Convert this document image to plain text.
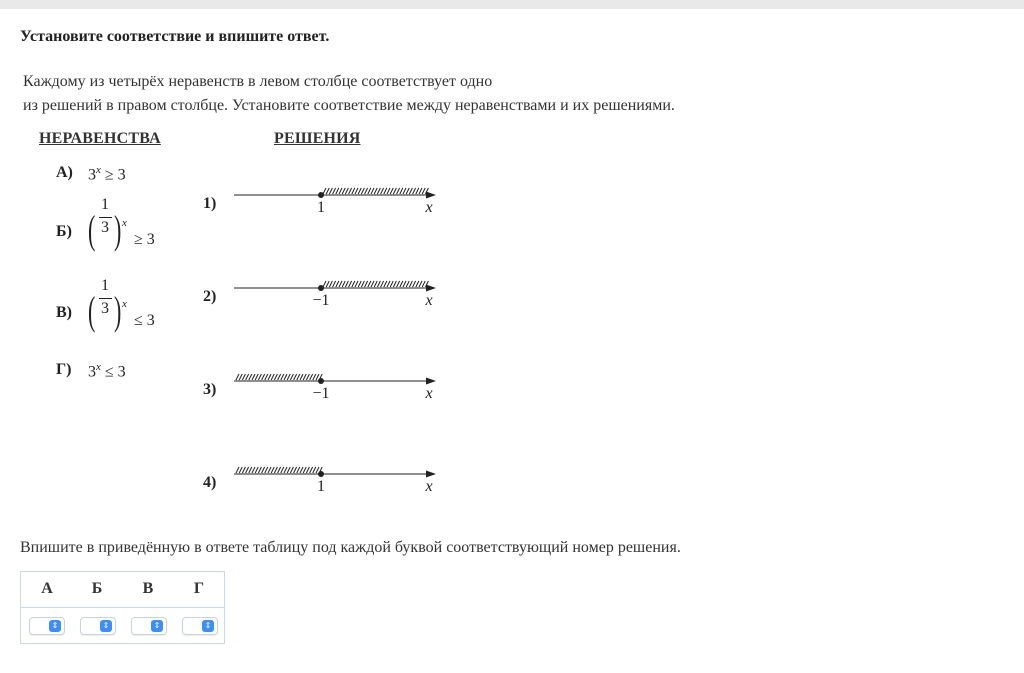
Установите соответствие и впишите ответ.
Каждому из четырёх неравенств в левом столбце соответствует одно
из решений в правом столбце. Установите соответствие между неравенствами и их решениями.
НЕРАВЕНСТВА	РЕШЕНИЯ
А) $3^x \ge 3$
Б) (
1
3 ) x
≥ 3
В) (
1
3 ) x
≤ 3
Г) $3^x \le 3$
1)	1	x
2)	−1	x
3)	−1	x
4)	1	x
Впишите в приведённую в ответе таблицу под каждой буквой соответствующий номер решения.
А	Б	В	Г
⇕	⇕	⇕	⇕
